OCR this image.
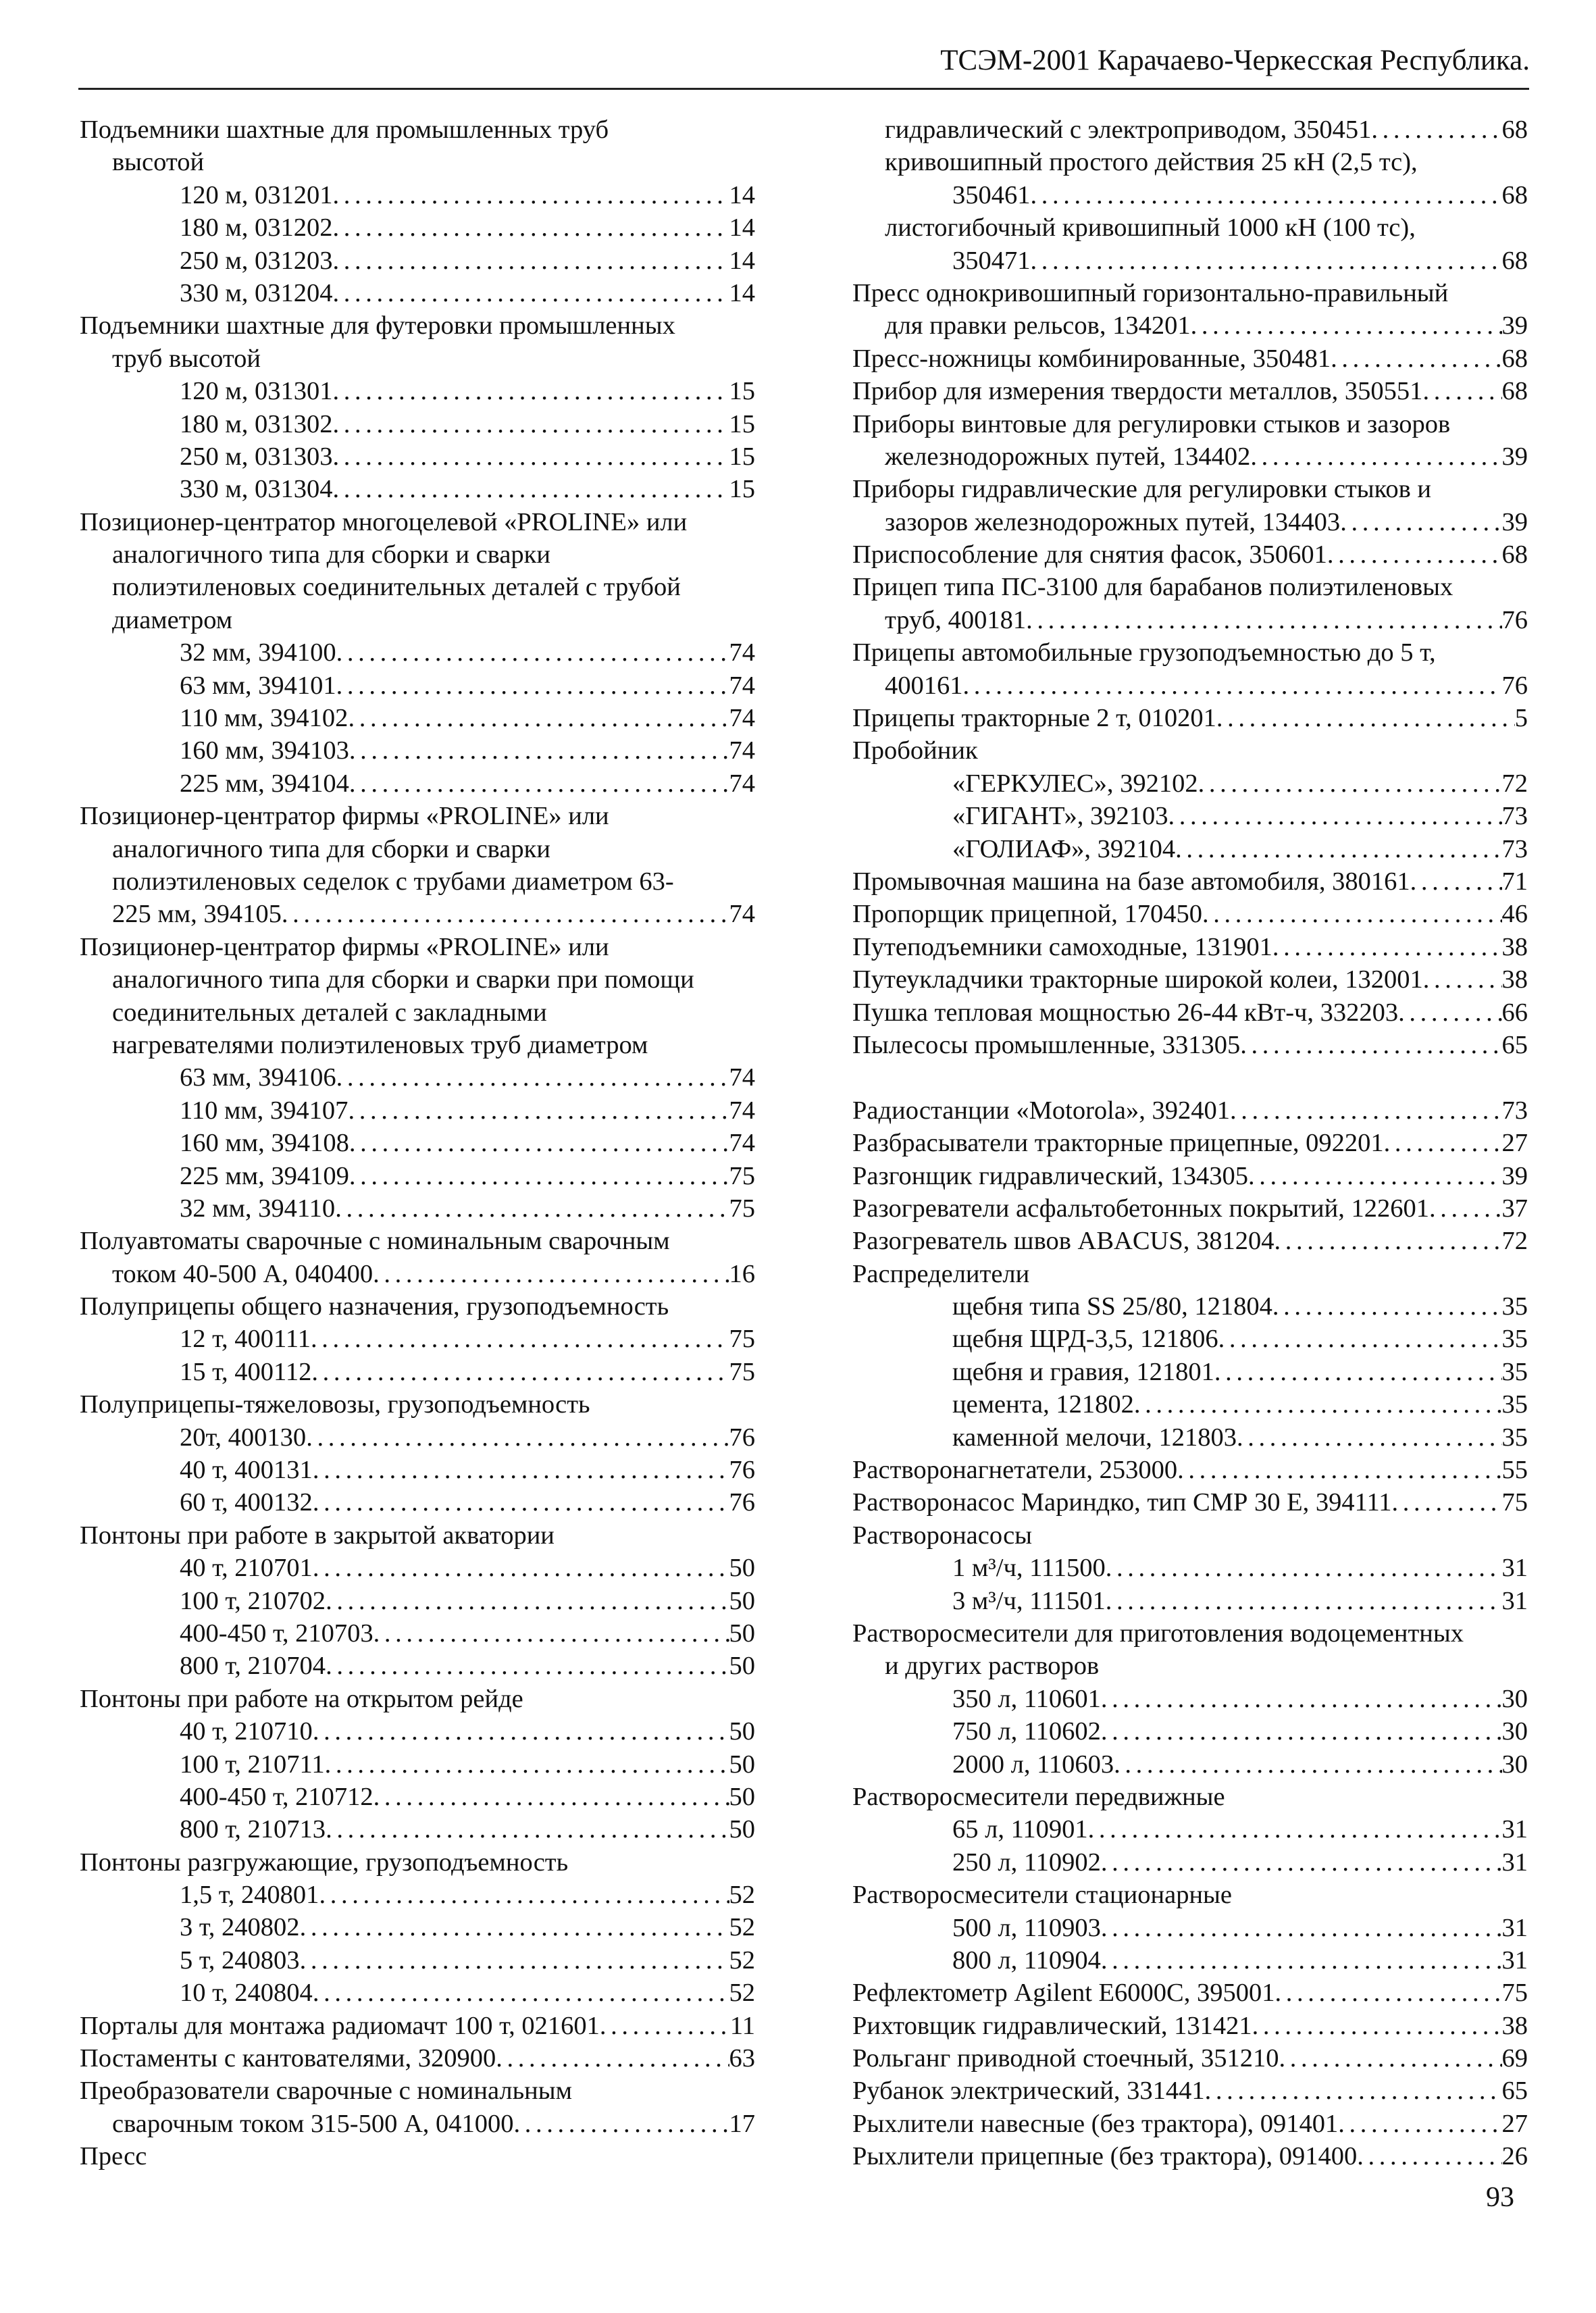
ТСЭМ-2001 Карачаево-Черкесская Республика.
Подъемники шахтные для промышленных труб
высотой
120 м, 031201 . . .	14
180 м, 031202 . . .	14
250 м, 031203 . . .	14
330 м, 031204 . . .	14
Подъемники шахтные для футеровки промышленных
труб высотой
120 м, 031301 . . .	15
180 м, 031302 . . .	15
250 м, 031303 . . .	15
330 м, 031304 . . .	15
Позиционер-центратор многоцелевой «PROLINE» или
аналогичного типа для сборки и сварки
полиэтиленовых соединительных деталей с трубой
диаметром
32 мм, 394100 . . .	74
63 мм, 394101 . . .	74
110 мм, 394102 . . .	74
160 мм, 394103 . . .	74
225 мм, 394104 . . .	74
Позиционер-центратор фирмы «PROLINE» или
аналогичного типа для сборки и сварки
полиэтиленовых седелок с трубами диаметром 63-
225 мм, 394105 . . .	74
Позиционер-центратор фирмы «PROLINE» или
аналогичного типа для сборки и сварки при помощи
соединительных деталей с закладными
нагревателями полиэтиленовых труб диаметром
63 мм, 394106 . . .	74
110 мм, 394107 . . .	74
160 мм, 394108 . . .	74
225 мм, 394109 . . .	75
32 мм, 394110 . . .	75
Полуавтоматы сварочные с номинальным сварочным
током 40-500 А, 040400 . . .	16
Полуприцепы общего назначения, грузоподъемность
12 т, 400111 . . .	75
15 т, 400112 . . .	75
Полуприцепы-тяжеловозы, грузоподъемность
20т, 400130 . . .	76
40 т, 400131 . . .	76
60 т, 400132 . . .	76
Понтоны при работе в закрытой акватории
40 т, 210701 . . .	50
100 т, 210702 . . .	50
400-450 т, 210703 . . .	50
800 т, 210704 . . .	50
Понтоны при работе на открытом рейде
40 т, 210710 . . .	50
100 т, 210711 . . .	50
400-450 т, 210712 . . .	50
800 т, 210713 . . .	50
Понтоны разгружающие, грузоподъемность
1,5 т, 240801 . . .	52
3 т, 240802 . . .	52
5 т, 240803 . . .	52
10 т, 240804 . . .	52
Порталы для монтажа радиомачт 100 т, 021601 . . .	11
Постаменты с кантователями, 320900 . . .	63
Преобразователи сварочные с номинальным
сварочным током 315-500 А, 041000 . . .	17
Пресс
гидравлический с электроприводом, 350451 . . .	68
кривошипный простого действия 25 кН (2,5 тс),
350461 . . .	68
листогибочный кривошипный 1000 кН (100 тс),
350471 . . .	68
Пресс однокривошипный горизонтально-правильный
для правки рельсов, 134201 . . .	39
Пресс-ножницы комбинированные, 350481 . . .	68
Прибор для измерения твердости металлов, 350551 . . .	68
Приборы винтовые для регулировки стыков и зазоров
железнодорожных путей, 134402 . . .	39
Приборы гидравлические для регулировки стыков и
зазоров железнодорожных путей, 134403 . . .	39
Приспособление для снятия фасок, 350601 . . .	68
Прицеп типа ПС-3100 для барабанов полиэтиленовых
труб, 400181 . . .	76
Прицепы автомобильные грузоподъемностью до 5 т,
400161 . . .	76
Прицепы тракторные 2 т, 010201 . . .	5
Пробойник
«ГЕРКУЛЕС», 392102 . . .	72
«ГИГАНТ», 392103 . . .	73
«ГОЛИАФ», 392104 . . .	73
Промывочная машина на базе автомобиля, 380161 . . .	71
Пропорщик прицепной, 170450 . . .	46
Путеподъемники самоходные, 131901 . . .	38
Путеукладчики тракторные широкой колеи, 132001 . . .	38
Пушка тепловая мощностью 26-44 кВт-ч, 332203 . . .	66
Пылесосы промышленные, 331305 . . .	65
Радиостанции «Motorola», 392401 . . .	73
Разбрасыватели тракторные прицепные, 092201 . . .	27
Разгонщик гидравлический, 134305 . . .	39
Разогреватели асфальтобетонных покрытий, 122601 . . .	37
Разогреватель швов ABACUS, 381204 . . .	72
Распределители
щебня типа SS 25/80, 121804 . . .	35
щебня ЩРД-3,5, 121806 . . .	35
щебня и гравия, 121801 . . .	35
цемента, 121802 . . .	35
каменной мелочи, 121803 . . .	35
Растворонагнетатели, 253000 . . .	55
Растворонасос Мариндко, тип СМР 30 Е, 394111 . . .	75
Растворонасосы
1 м³/ч, 111500 . . .	31
3 м³/ч, 111501 . . .	31
Растворосмесители для приготовления водоцементных
и других растворов
350 л, 110601 . . .	30
750 л, 110602 . . .	30
2000 л, 110603 . . .	30
Растворосмесители передвижные
65 л, 110901 . . .	31
250 л, 110902 . . .	31
Растворосмесители стационарные
500 л, 110903 . . .	31
800 л, 110904 . . .	31
Рефлектометр Agilent E6000C, 395001 . . .	75
Рихтовщик гидравлический, 131421 . . .	38
Рольганг приводной стоечный, 351210 . . .	69
Рубанок электрический, 331441 . . .	65
Рыхлители навесные (без трактора), 091401 . . .	27
Рыхлители прицепные (без трактора), 091400 . . .	26
93
